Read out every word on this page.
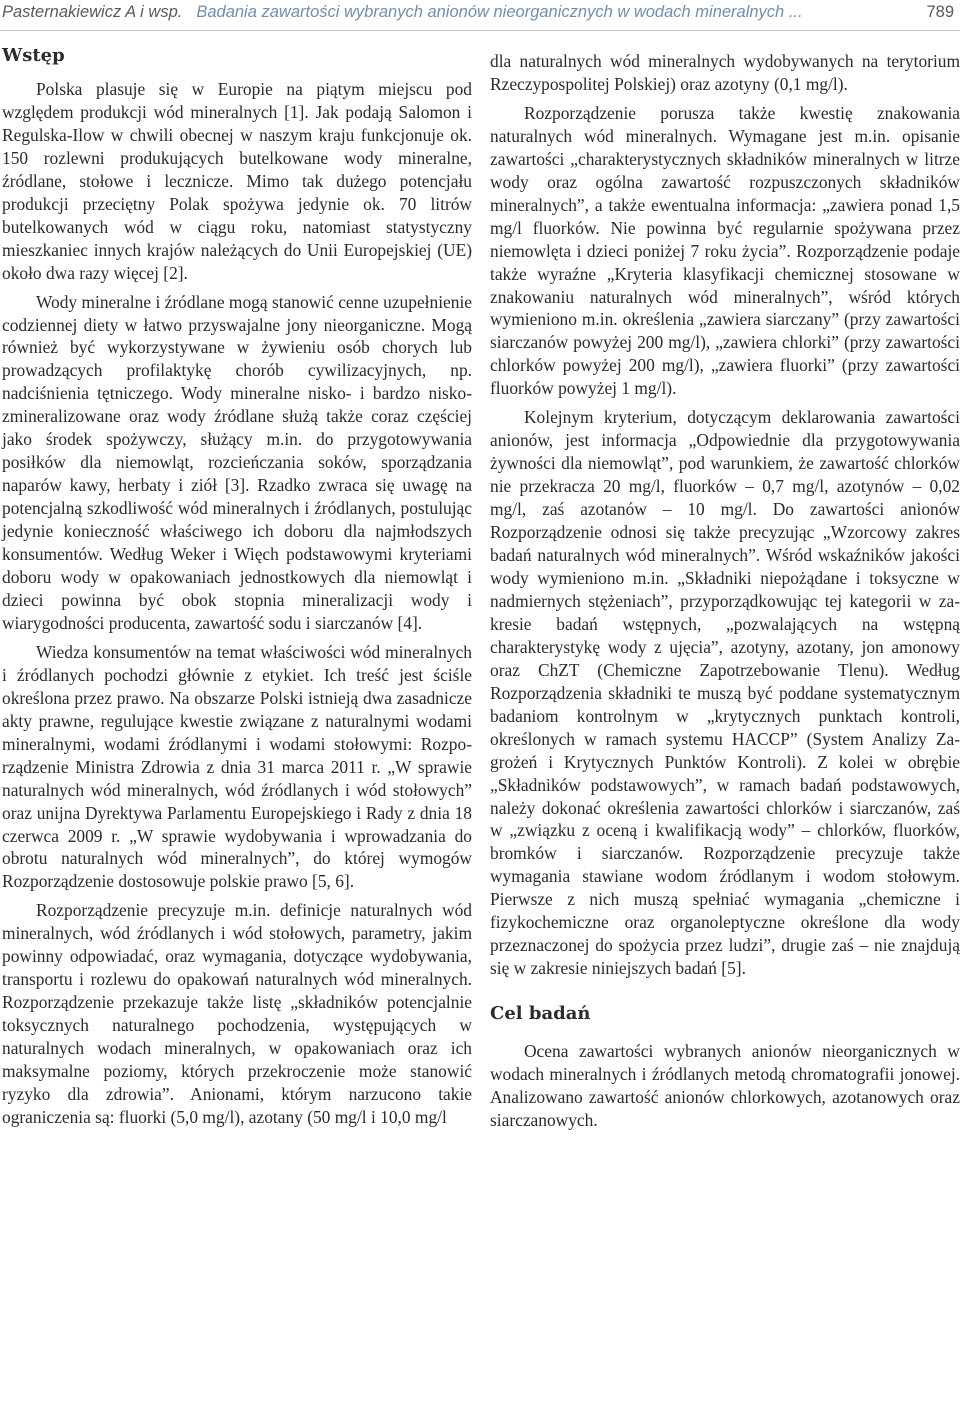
Pasternakiewicz A i wsp. Badania zawartości wybranych anionów nieorganicznych w wodach mineralnych ...	789
Wstęp

Polska plasuje się w Europie na piątym miejscu pod względem produkcji wód mineralnych [1]. Jak podają Salomon i Regulska-Ilow w chwili obecnej w naszym kraju funkcjonuje ok. 150 rozlewni produkujących butelkowane wody mineralne, źródlane, stołowe i lecznicze. Mimo tak dużego potencjału produkcji przeciętny Polak spożywa jedynie ok. 70 litrów butelkowanych wód w ciągu roku, natomiast statystyczny mieszkaniec innych krajów należących do Unii Europejskiej (UE) około dwa razy więcej [2].

Wody mineralne i źródlane mogą stanowić cenne uzupełnienie codziennej diety w łatwo przyswajalne jony nieorganiczne. Mogą również być wykorzystywane w żywieniu osób chorych lub prowadzących profilaktykę chorób cywilizacyjnych, np. nadciśnienia tętniczego. Wody mineralne nisko- i bardzo niskozmineralizowane oraz wody źródlane służą także coraz częściej jako środek spożywczy, służący m.in. do przygotowywania posiłków dla niemowląt, rozcieńczania soków, sporządzania naparów kawy, herbaty i ziół [3]. Rzadko zwraca się uwagę na potencjalną szkodliwość wód mineralnych i źródlanych, postulując jedynie konieczność właściwego ich doboru dla najmłodszych konsumentów. Według Weker i Więch podstawowymi kryteriami doboru wody w opakowaniach jednostkowych dla niemowląt i dzieci powinna być obok stopnia mineralizacji wody i wiarygodności producenta, zawartość sodu i siarczanów [4].

Wiedza konsumentów na temat właściwości wód mineralnych i źródlanych pochodzi głównie z etykiet. Ich treść jest ściśle określona przez prawo. Na obszarze Polski istnieją dwa zasadnicze akty prawne, regulujące kwestie związane z naturalnymi wodami mineralnymi, wodami źródlanymi i wodami stołowymi: Rozporządzenie Ministra Zdrowia z dnia 31 marca 2011 r. „W sprawie naturalnych wód mineralnych, wód źródlanych i wód stołowych” oraz unijna Dyrektywa Parlamentu Europejskiego i Rady z dnia 18 czerwca 2009 r. „W sprawie wydobywania i wprowadzania do obrotu naturalnych wód mineralnych”, do której wymogów Rozporządzenie dostosowuje polskie prawo [5, 6].

Rozporządzenie precyzuje m.in. definicje naturalnych wód mineralnych, wód źródlanych i wód stołowych, parametry, jakim powinny odpowiadać, oraz wymagania, dotyczące wydobywania, transportu i rozlewu do opakowań naturalnych wód mineralnych. Rozporządzenie przekazuje także listę „składników potencjalnie toksycznych naturalnego pochodzenia, występujących w naturalnych wodach mineralnych, w opakowaniach oraz ich maksymalne poziomy, których przekroczenie może stanowić ryzyko dla zdrowia”. Anionami, którym narzucono takie ograniczenia są: fluorki (5,0 mg/l), azotany (50 mg/l i 10,0 mg/l

dla naturalnych wód mineralnych wydobywanych na terytorium Rzeczypospolitej Polskiej) oraz azotyny (0,1 mg/l).

Rozporządzenie porusza także kwestię znakowania naturalnych wód mineralnych. Wymagane jest m.in. opisanie zawartości „charakterystycznych składników mineralnych w litrze wody oraz ogólna zawartość rozpuszczonych składników mineralnych”, a także ewentualna informacja: „zawiera ponad 1,5 mg/l fluorków. Nie powinna być regularnie spożywana przez niemowlęta i dzieci poniżej 7 roku życia”. Rozporządzenie podaje także wyraźne „Kryteria klasyfikacji chemicznej stosowane w znakowaniu naturalnych wód mineralnych”, wśród których wymieniono m.in. określenia „zawiera siarczany” (przy zawartości siarczanów powyżej 200 mg/l), „zawiera chlorki” (przy zawartości chlorków powyżej 200 mg/l), „zawiera fluorki” (przy zawartości fluorków powyżej 1 mg/l).

Kolejnym kryterium, dotyczącym deklarowania zawartości anionów, jest informacja „Odpowiednie dla przygotowywania żywności dla niemowląt”, pod warunkiem, że zawartość chlorków nie przekracza 20 mg/l, fluorków – 0,7 mg/l, azotynów – 0,02 mg/l, zaś azotanów – 10 mg/l. Do zawartości anionów Rozporządzenie odnosi się także precyzując „Wzorcowy zakres badań naturalnych wód mineralnych”. Wśród wskaźników jakości wody wymieniono m.in. „Składniki niepożądane i toksyczne w nadmiernych stężeniach”, przyporządkowując tej kategorii w zakresie badań wstępnych, „pozwalających na wstępną charakterystykę wody z ujęcia”, azotyny, azotany, jon amonowy oraz ChZT (Chemiczne Zapotrzebowanie Tlenu). Według Rozporządzenia składniki te muszą być poddane systematycznym badaniom kontrolnym w „krytycznych punktach kontroli, określonych w ramach systemu HACCP” (System Analizy Zagrożeń i Krytycznych Punktów Kontroli). Z kolei w obrębie „Składników podstawowych”, w ramach badań podstawowych, należy dokonać określenia zawartości chlorków i siarczanów, zaś w „związku z oceną i kwalifikacją wody” – chlorków, fluorków, bromków i siarczanów. Rozporządzenie precyzuje także wymagania stawiane wodom źródlanym i wodom stołowym. Pierwsze z nich muszą spełniać wymagania „chemiczne i fizykochemiczne oraz organoleptyczne określone dla wody przeznaczonej do spożycia przez ludzi”, drugie zaś – nie znajdują się w zakresie niniejszych badań [5].

Cel badań

Ocena zawartości wybranych anionów nieorganicznych w wodach mineralnych i źródlanych metodą chromatografii jonowej. Analizowano zawartość anionów chlorkowych, azotanowych oraz siarczanowych.
